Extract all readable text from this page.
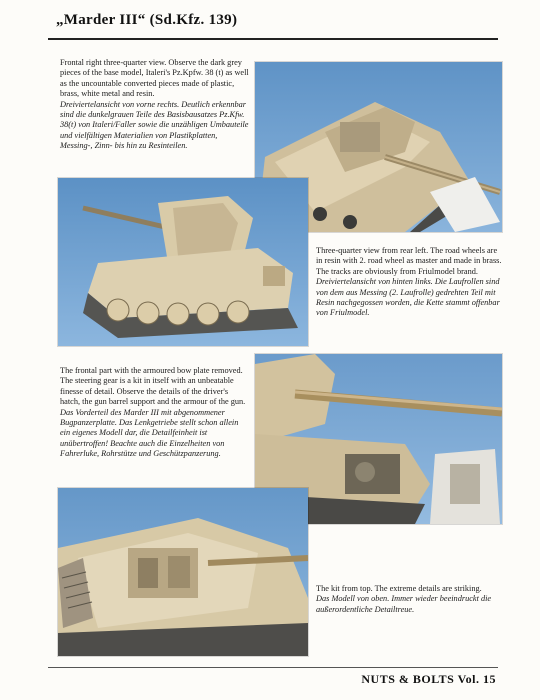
„Marder III“ (Sd.Kfz. 139)
Frontal right three-quarter view. Observe the dark grey pieces of the base model, Italeri's Pz.Kpfw. 38 (t) as well as the uncountable converted pieces made of plastic, brass, white metal and resin.
Dreiviertelansicht von vorne rechts. Deutlich erkennbar sind die dunkelgrauen Teile des Basisbausatzes Pz.Kfw. 38(t) von Italeri/Faller sowie die unzähligen Umbauteile und vielfältigen Materialien von Plastikplatten, Messing-, Zinn- bis hin zu Resinteilen.
Three-quarter view from rear left. The road wheels are in resin with 2. road wheel as master and made in brass. The tracks are obviously from Friulmodel brand.
Dreiviertelansicht von hinten links. Die Laufrollen sind von dem aus Messing (2. Laufrolle) gedrehten Teil mit Resin nachgegossen worden, die Kette stammt offenbar von Friulmodel.
The frontal part with the armoured bow plate removed. The steering gear is a kit in itself with an unbeatable finesse of detail. Observe the details of the driver's hatch, the gun barrel support and the armour of the gun.
Das Vorderteil des Marder III mit abgenommener Bugpanzerplatte. Das Lenkgetriebe stellt schon allein ein eigenes Modell dar, die Detailfeinheit ist unübertroffen! Beachte auch die Einzelheiten von Fahrerluke, Rohrstütze und Geschützpanzerung.
The kit from top. The extreme details are striking.
Das Modell von oben. Immer wieder beeindruckt die außerordentliche Detailtreue.
NUTS & BOLTS Vol. 15
